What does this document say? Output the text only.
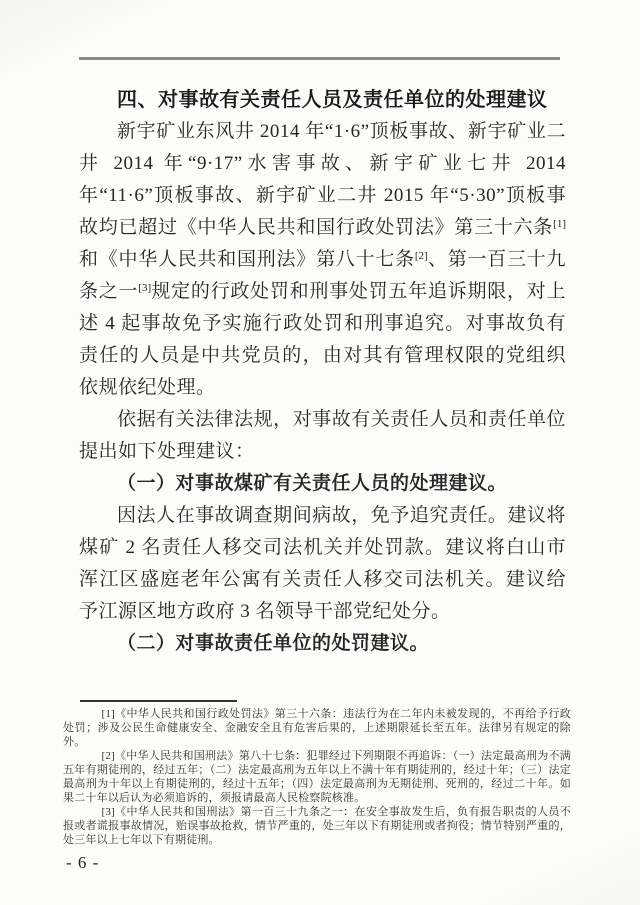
四、对事故有关责任人员及责任单位的处理建议

新宇矿业东风井 2014 年“1·6”顶板事故、新宇矿业二井 2014 年“9·17”水害事故、新宇矿业七井 2014 年“11·6”顶板事故、新宇矿业二井 2015 年“5·30”顶板事故均已超过《中华人民共和国行政处罚法》第三十六条[1]和《中华人民共和国刑法》第八十七条[2]、第一百三十九条之一[3]规定的行政处罚和刑事处罚五年追诉期限，对上述 4 起事故免予实施行政处罚和刑事追究。对事故负有责任的人员是中共党员的，由对其有管理权限的党组织依规依纪处理。

依据有关法律法规，对事故有关责任人员和责任单位提出如下处理建议：

（一）对事故煤矿有关责任人员的处理建议。

因法人在事故调查期间病故，免予追究责任。建议将煤矿 2 名责任人移交司法机关并处罚款。建议将白山市浑江区盛庭老年公寓有关责任人移交司法机关。建议给予江源区地方政府 3 名领导干部党纪处分。

（二）对事故责任单位的处罚建议。

[1]《中华人民共和国行政处罚法》第三十六条：违法行为在二年内未被发现的，不再给予行政处罚；涉及公民生命健康安全、金融安全且有危害后果的，上述期限延长至五年。法律另有规定的除外。

[2]《中华人民共和国刑法》第八十七条：犯罪经过下列期限不再追诉：（一）法定最高刑为不满五年有期徒刑的，经过五年；（二）法定最高刑为五年以上不满十年有期徒刑的，经过十年；（三）法定最高刑为十年以上有期徒刑的，经过十五年；（四）法定最高刑为无期徒刑、死刑的，经过二十年。如果二十年以后认为必须追诉的，须报请最高人民检察院核准。

[3]《中华人民共和国刑法》第一百三十九条之一：在安全事故发生后，负有报告职责的人员不报或者谎报事故情况，贻误事故抢救，情节严重的，处三年以下有期徒刑或者拘役；情节特别严重的，处三年以上七年以下有期徒刑。

- 6 -
